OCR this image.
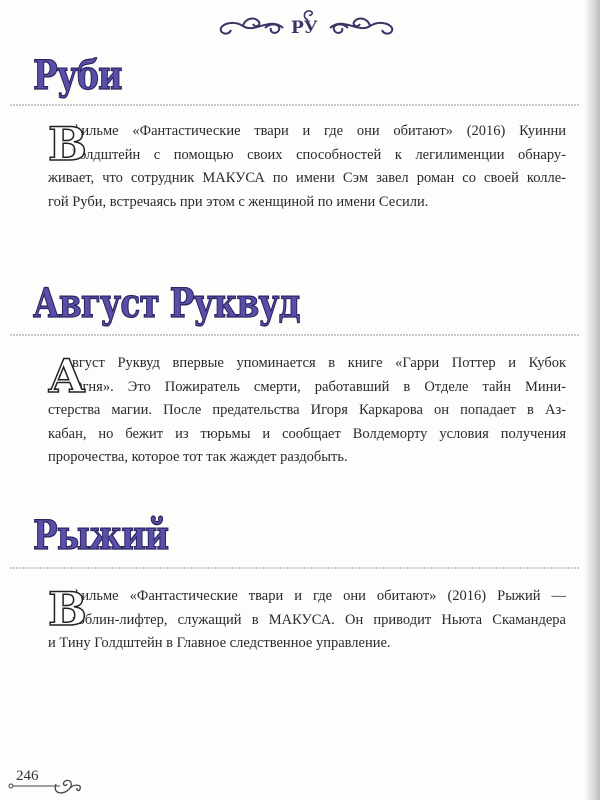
РУ
Руби
В
фильме «Фантастические твари и где они обитают» (2016) Куинни
Голдштейн с помощью своих способностей к легилименции обнару-
живает, что сотрудник МАКУСА по имени Сэм завел роман со своей колле-
гой Руби, встречаясь при этом с женщиной по имени Сесили.
Август Руквуд
А
вгуст Руквуд впервые упоминается в книге «Гарри Поттер и Кубок
Огня». Это Пожиратель смерти, работавший в Отделе тайн Мини-
стерства магии. После предательства Игоря Каркарова он попадает в Аз-
кабан, но бежит из тюрьмы и сообщает Волдеморту условия получения
пророчества, которое тот так жаждет раздобыть.
Рыжий
В
фильме «Фантастические твари и где они обитают» (2016) Рыжий —
гоблин-лифтер, служащий в МАКУСА. Он приводит Ньюта Скамандера
и Тину Голдштейн в Главное следственное управление.
246
